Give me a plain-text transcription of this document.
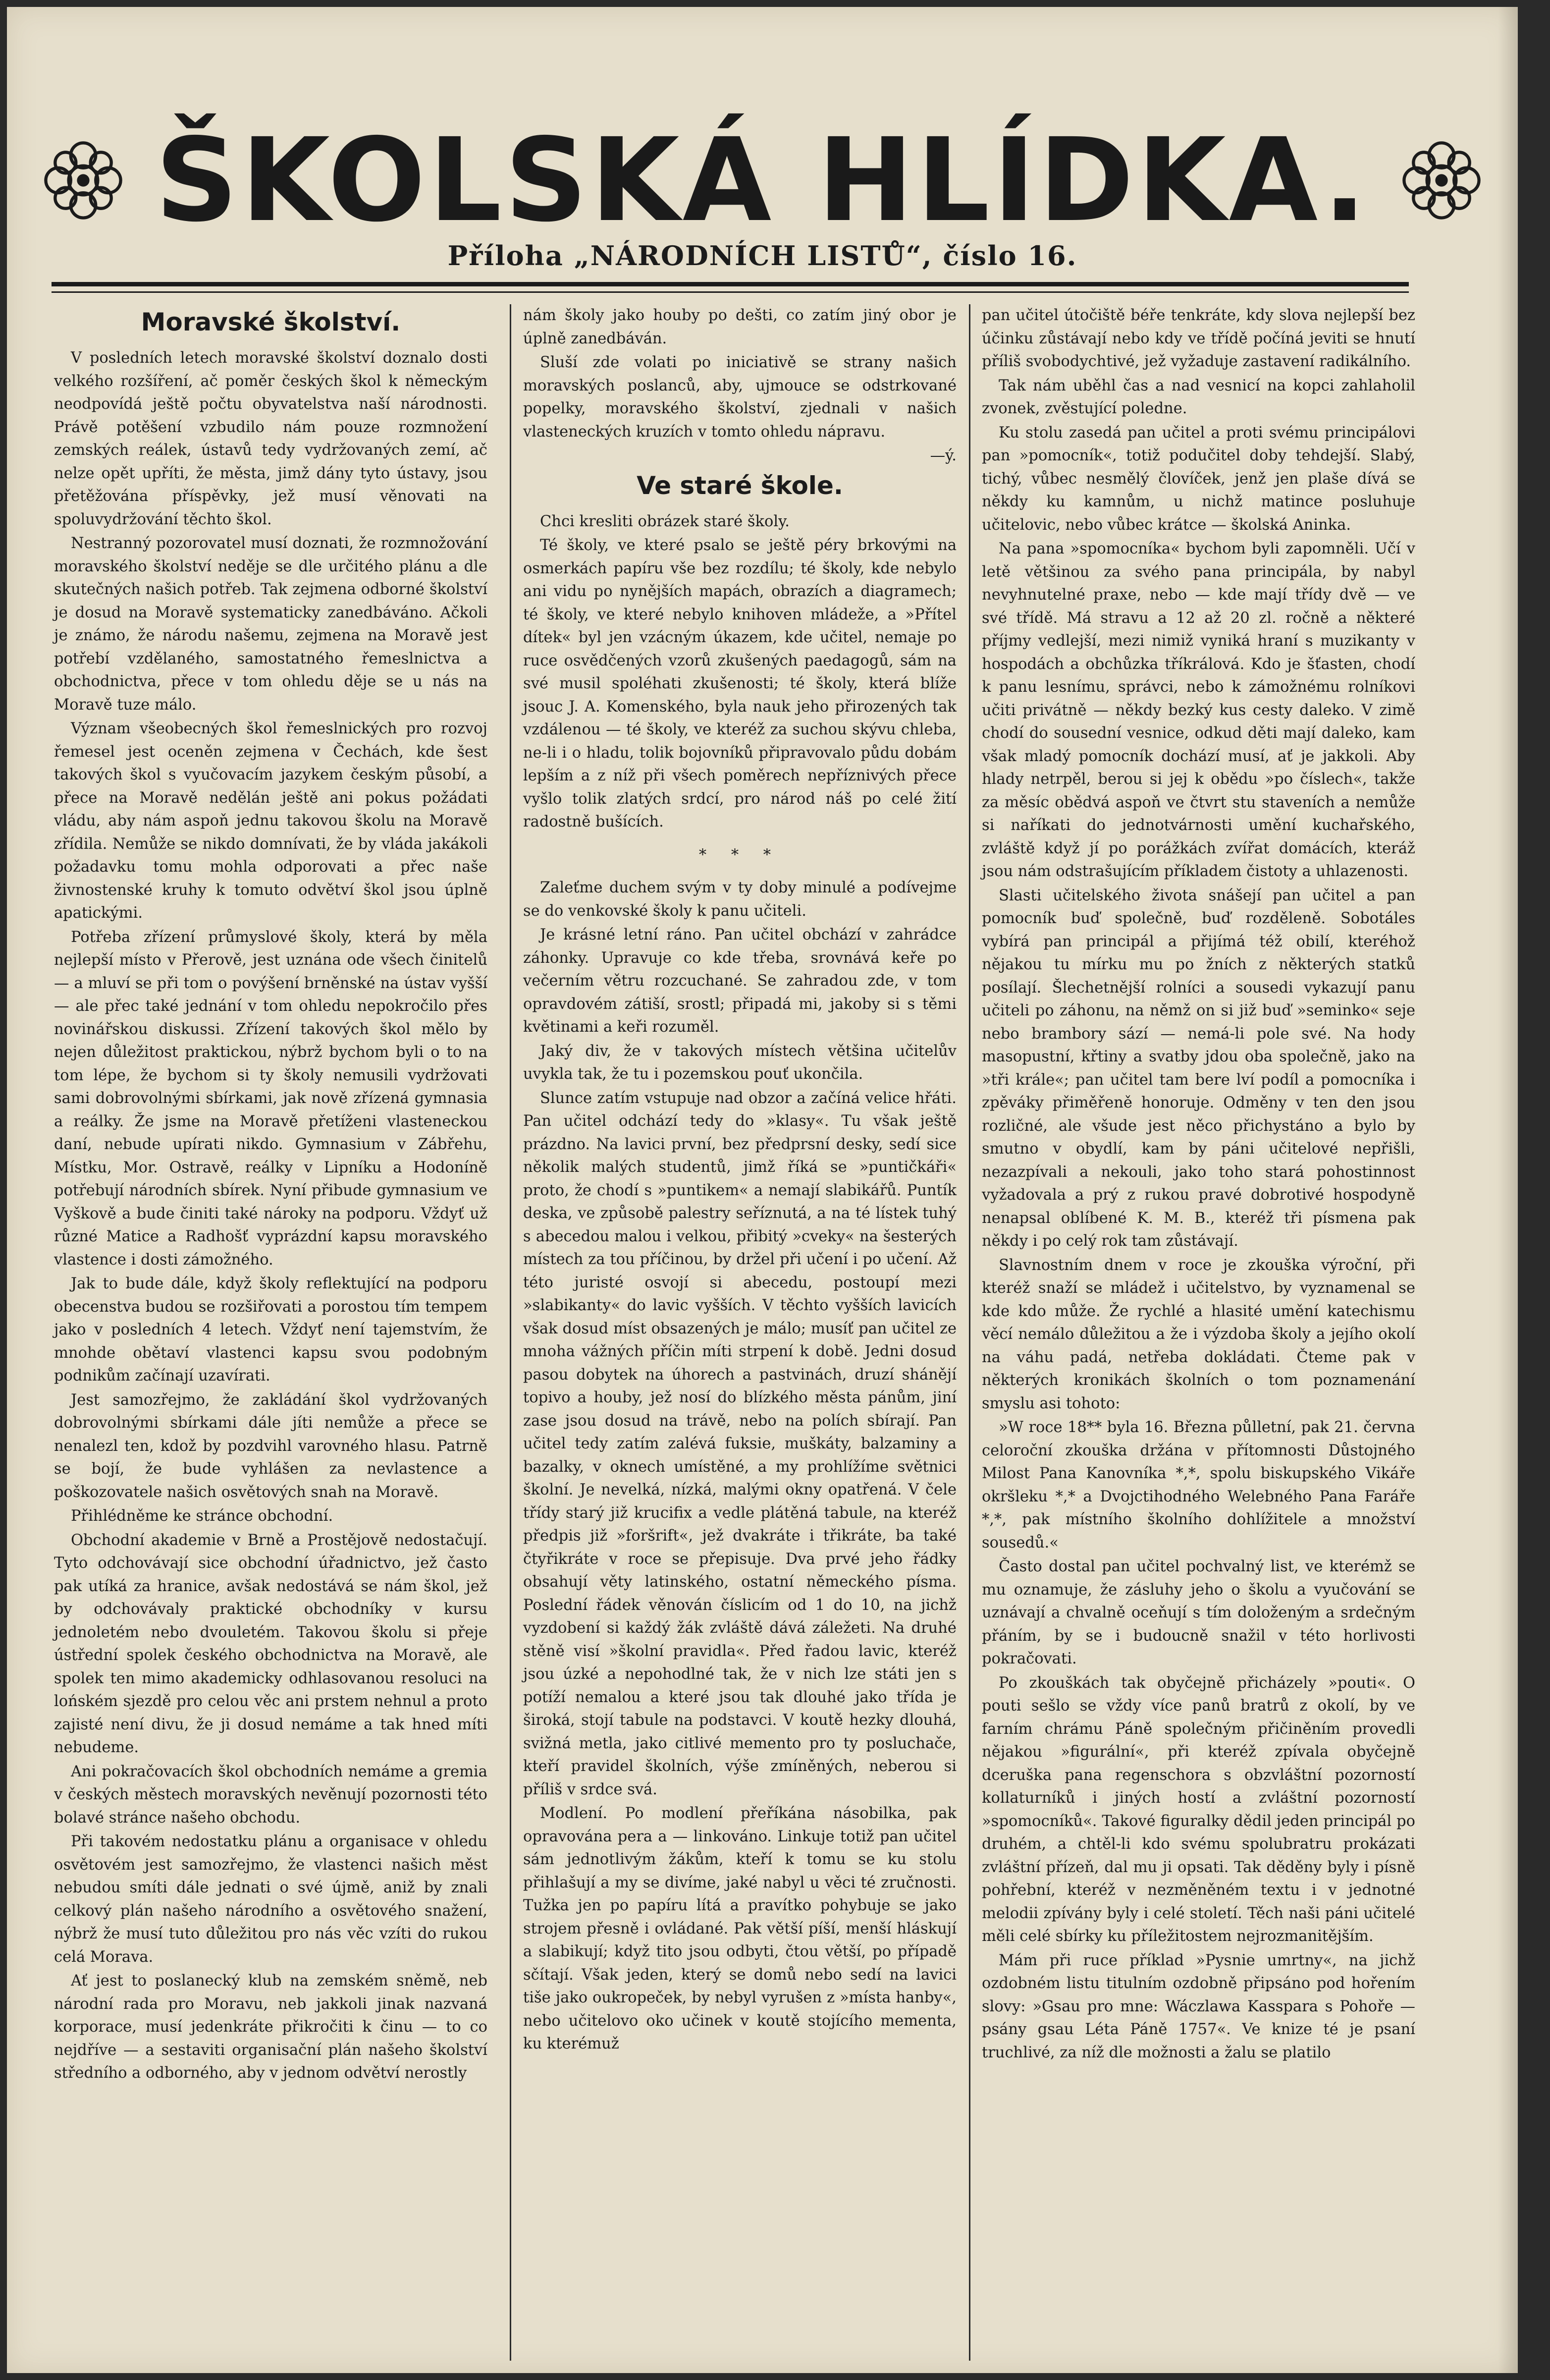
ŠKOLSKÁ HLÍDKA.
Příloha „NÁRODNÍCH LISTŮ“, číslo 16.
Moravské školství.

V posledních letech moravské školství doznalo dosti velkého rozšíření, ač poměr českých škol k německým neodpovídá ještě počtu obyvatelstva naší národnosti. Právě potěšení vzbudilo nám pouze rozmnožení zemských reálek, ústavů tedy vydržovaných zemí, ač nelze opět upříti, že města, jimž dány tyto ústavy, jsou přetěžována příspěvky, jež musí věnovati na spoluvydržování těchto škol.

Nestranný pozorovatel musí doznati, že rozmnožování moravského školství neděje se dle určitého plánu a dle skutečných našich potřeb. Tak zejmena odborné školství je dosud na Moravě systematicky zanedbáváno. Ačkoli je známo, že národu našemu, zejmena na Moravě jest potřebí vzdělaného, samostatného řemeslnictva a obchodnictva, přece v tom ohledu děje se u nás na Moravě tuze málo.

Význam všeobecných škol řemeslnických pro rozvoj řemesel jest oceněn zejmena v Čechách, kde šest takových škol s vyučovacím jazykem českým působí, a přece na Moravě nedělán ještě ani pokus požádati vládu, aby nám aspoň jednu takovou školu na Moravě zřídila. Nemůže se nikdo domnívati, že by vláda jakákoli požadavku tomu mohla odporovati a přec naše živnostenské kruhy k tomuto odvětví škol jsou úplně apatickými.

Potřeba zřízení průmyslové školy, která by měla nejlepší místo v Přerově, jest uznána ode všech činitelů — a mluví se při tom o povýšení brněnské na ústav vyšší — ale přec také jednání v tom ohledu nepokročilo přes novinářskou diskussi. Zřízení takových škol mělo by nejen důležitost praktickou, nýbrž bychom byli o to na tom lépe, že bychom si ty školy nemusili vydržovati sami dobrovolnými sbírkami, jak nově zřízená gymnasia a reálky. Že jsme na Moravě přetíženi vlasteneckou daní, nebude upírati nikdo. Gymnasium v Zábřehu, Místku, Mor. Ostravě, reálky v Lipníku a Hodoníně potřebují národních sbírek. Nyní přibude gymnasium ve Vyškově a bude činiti také nároky na podporu. Vždyť už různé Matice a Radhošť vyprázdní kapsu moravského vlastence i dosti zámožného.

Jak to bude dále, když školy reflektující na podporu obecenstva budou se rozšiřovati a porostou tím tempem jako v posledních 4 letech. Vždyť není tajemstvím, že mnohde obětaví vlastenci kapsu svou podobným podnikům začínají uzavírati.

Jest samozřejmo, že zakládání škol vydržovaných dobrovolnými sbírkami dále jíti nemůže a přece se nenalezl ten, kdož by pozdvihl varovného hlasu. Patrně se bojí, že bude vyhlášen za nevlastence a poškozovatele našich osvětových snah na Moravě.

Přihlédněme ke stránce obchodní.

Obchodní akademie v Brně a Prostějově nedostačují. Tyto odchovávají sice obchodní úřadnictvo, jež často pak utíká za hranice, avšak nedostává se nám škol, jež by odchovávaly praktické obchodníky v kursu jednoletém nebo dvouletém. Takovou školu si přeje ústřední spolek českého obchodnictva na Moravě, ale spolek ten mimo akademicky odhlasovanou resoluci na lońském sjezdě pro celou věc ani prstem nehnul a proto zajisté není divu, že ji dosud nemáme a tak hned míti nebudeme.

Ani pokračovacích škol obchodních nemáme a gremia v českých městech moravských nevěnují pozornosti této bolavé stránce našeho obchodu.

Při takovém nedostatku plánu a organisace v ohledu osvětovém jest samozřejmo, že vlastenci našich měst nebudou smíti dále jednati o své újmě, aniž by znali celkový plán našeho národního a osvětového snažení, nýbrž že musí tuto důležitou pro nás věc vzíti do rukou celá Morava.

Ať jest to poslanecký klub na zemském sněmě, neb národní rada pro Moravu, neb jakkoli jinak nazvaná korporace, musí jedenkráte přikročiti k činu — to co nejdříve — a sestaviti organisační plán našeho školství středního a odborného, aby v jednom odvětví nerostly

nám školy jako houby po dešti, co zatím jiný obor je úplně zanedbáván.

Sluší zde volati po iniciativě se strany našich moravských poslanců, aby, ujmouce se odstrkované popelky, moravského školství, zjednali v našich vlasteneckých kruzích v tomto ohledu nápravu.

—ý.

Ve staré škole.

Chci kresliti obrázek staré školy.

Té školy, ve které psalo se ještě péry brkovými na osmerkách papíru vše bez rozdílu; té školy, kde nebylo ani vidu po nynějších mapách, obrazích a diagramech; té školy, ve které nebylo knihoven mládeže, a »Přítel dítek« byl jen vzácným úkazem, kde učitel, nemaje po ruce osvědčených vzorů zkušených paedagogů, sám na své musil spoléhati zkušenosti; té školy, která blíže jsouc J. A. Komenského, byla nauk jeho přirozených tak vzdálenou — té školy, ve kteréž za suchou skývu chleba, ne-li i o hladu, tolik bojovníků připravovalo půdu dobám lepším a z níž při všech poměrech nepříznivých přece vyšlo tolik zlatých srdcí, pro národ náš po celé žití radostně bušících.

* * *

Zaleťme duchem svým v ty doby minulé a podívejme se do venkovské školy k panu učiteli.

Je krásné letní ráno. Pan učitel obchází v zahrádce záhonky. Upravuje co kde třeba, srovnává keře po večerním větru rozcuchané. Se zahradou zde, v tom opravdovém zátiší, srostl; připadá mi, jakoby si s těmi květinami a keři rozuměl.

Jaký div, že v takových místech většina učitelův uvykla tak, že tu i pozemskou pouť ukončila.

Slunce zatím vstupuje nad obzor a začíná velice hřáti. Pan učitel odchází tedy do »klasy«. Tu však ještě prázdno. Na lavici první, bez předprsní desky, sedí sice několik malých studentů, jimž říká se »puntičkáři« proto, že chodí s »puntikem« a nemají slabikářů. Puntík deska, ve způsobě palestry seříznutá, a na té lístek tuhý s abecedou malou i velkou, přibitý »cveky« na šesterých místech za tou příčinou, by držel při učení i po učení. Až této juristé osvojí si abecedu, postoupí mezi »slabikanty« do lavic vyšších. V těchto vyšších lavicích však dosud míst obsazených je málo; musíť pan učitel ze mnoha vážných příčin míti strpení k době. Jedni dosud pasou dobytek na úhorech a pastvinách, druzí shánějí topivo a houby, jež nosí do blízkého města pánům, jiní zase jsou dosud na trávě, nebo na polích sbírají. Pan učitel tedy zatím zalévá fuksie, muškáty, balzaminy a bazalky, v oknech umístěné, a my prohlížíme světnici školní. Je nevelká, nízká, malými okny opatřená. V čele třídy starý již krucifix a vedle plátěná tabule, na kteréž předpis již »foršrift«, jež dvakráte i třikráte, ba také čtyřikráte v roce se přepisuje. Dva prvé jeho řádky obsahují věty latinského, ostatní německého písma. Poslední řádek věnován číslicím od 1 do 10, na jichž vyzdobení si každý žák zvláště dává záležeti. Na druhé stěně visí »školní pravidla«. Před řadou lavic, kteréž jsou úzké a nepohodlné tak, že v nich lze státi jen s potíží nemalou a které jsou tak dlouhé jako třída je široká, stojí tabule na podstavci. V koutě hezky dlouhá, svižná metla, jako citlivé memento pro ty posluchače, kteří pravidel školních, výše zmíněných, neberou si příliš v srdce svá.

Modlení. Po modlení přeříkána násobilka, pak opravována pera a — linkováno. Linkuje totiž pan učitel sám jednotlivým žákům, kteří k tomu se ku stolu přihlašují a my se divíme, jaké nabyl u věci té zručnosti. Tužka jen po papíru lítá a pravítko pohybuje se jako strojem přesně i ovládané. Pak větší píší, menší hláskují a slabikují; když tito jsou odbyti, čtou větší, po případě sčítají. Však jeden, který se domů nebo sedí na lavici tiše jako oukropeček, by nebyl vyrušen z »místa hanby«, nebo učitelovo oko učinek v koutě stojícího mementa, ku kterémuž

pan učitel útočiště béře tenkráte, kdy slova nejlepší bez účinku zůstávají nebo kdy ve třídě počíná jeviti se hnutí příliš svobodychtivé, jež vyžaduje zastavení radikálního.

Tak nám uběhl čas a nad vesnicí na kopci zahlaholil zvonek, zvěstující poledne.

Ku stolu zasedá pan učitel a proti svému principálovi pan »pomocník«, totiž podučitel doby tehdejší. Slabý, tichý, vůbec nesmělý človíček, jenž jen plaše dívá se někdy ku kamnům, u nichž matince posluhuje učitelovic, nebo vůbec krátce — školská Aninka.

Na pana »spomocníka« bychom byli zapomněli. Učí v letě většinou za svého pana principála, by nabyl nevyhnutelné praxe, nebo — kde mají třídy dvě — ve své třídě. Má stravu a 12 až 20 zl. ročně a některé příjmy vedlejší, mezi nimiž vyniká hraní s muzikanty v hospodách a obchůzka tříkrálová. Kdo je šťasten, chodí k panu lesnímu, správci, nebo k zámožnému rolníkovi učiti privátně — někdy bezký kus cesty daleko. V zimě chodí do sousední vesnice, odkud děti mají daleko, kam však mladý pomocník dochází musí, ať je jakkoli. Aby hlady netrpěl, berou si jej k obědu »po číslech«, takže za měsíc obědvá aspoň ve čtvrt stu staveních a nemůže si naříkati do jednotvárnosti umění kuchařského, zvláště když jí po porážkách zvířat domácích, kteráž jsou nám odstrašujícím příkladem čistoty a uhlazenosti.

Slasti učitelského života snášejí pan učitel a pan pomocník buď společně, buď rozděleně. Sobotáles vybírá pan principál a přijímá též obilí, kteréhož nějakou tu mírku mu po žních z některých statků posílají. Šlechetnější rolníci a sousedi vykazují panu učiteli po záhonu, na němž on si již buď »seminko« seje nebo brambory sází — nemá-li pole své. Na hody masopustní, křtiny a svatby jdou oba společně, jako na »tři krále«; pan učitel tam bere lví podíl a pomocníka i zpěváky přiměřeně honoruje. Odměny v ten den jsou rozličné, ale všude jest něco přichystáno a bylo by smutno v obydlí, kam by páni učitelové nepřišli, nezazpívali a nekouli, jako toho stará pohostinnost vyžadovala a prý z rukou pravé dobrotivé hospodyně nenapsal oblíbené K. M. B., kteréž tři písmena pak někdy i po celý rok tam zůstávají.

Slavnostním dnem v roce je zkouška výroční, při kteréž snaží se mládež i učitelstvo, by vyznamenal se kde kdo může. Že rychlé a hlasité umění katechismu věcí nemálo důležitou a že i výzdoba školy a jejího okolí na váhu padá, netřeba dokládati. Čteme pak v některých kronikách školních o tom poznamenání smyslu asi tohoto:

»W roce 18** byla 16. Března půlletní, pak 21. června celoroční zkouška držána v přítomnosti Důstojného Milost Pana Kanovníka *,*, spolu biskupského Vikáře okršleku *,* a Dvojctihodného Welebného Pana Faráře *,*, pak místního školního dohlížitele a množství sousedů.«

Často dostal pan učitel pochvalný list, ve kterémž se mu oznamuje, že zásluhy jeho o školu a vyučování se uznávají a chvalně oceňují s tím doloženým a srdečným přáním, by se i budoucně snažil v této horlivosti pokračovati.

Po zkouškách tak obyčejně přicházely »pouti«. O pouti sešlo se vždy více panů bratrů z okolí, by ve farním chrámu Páně společným přičiněním provedli nějakou »figurální«, při kteréž zpívala obyčejně dceruška pana regenschora s obzvláštní pozorností kollaturníků i jiných hostí a zvláštní pozorností »spomocníků«. Takové figuralky dědil jeden principál po druhém, a chtěl-li kdo svému spolubratru prokázati zvláštní přízeň, dal mu ji opsati. Tak děděny byly i písně pohřební, kteréž v nezměněném textu i v jednotné melodii zpívány byly i celé století. Těch naši páni učitelé měli celé sbírky ku příležitostem nejrozmanitějším.

Mám při ruce příklad »Pysnie umrtny«, na jichž ozdobném listu titulním ozdobně připsáno pod hořením slovy: »Gsau pro mne: Wáczlawa Kasspara s Pohoře — psány gsau Léta Páně 1757«. Ve knize té je psaní truchlivé, za níž dle možnosti a žalu se platilo
